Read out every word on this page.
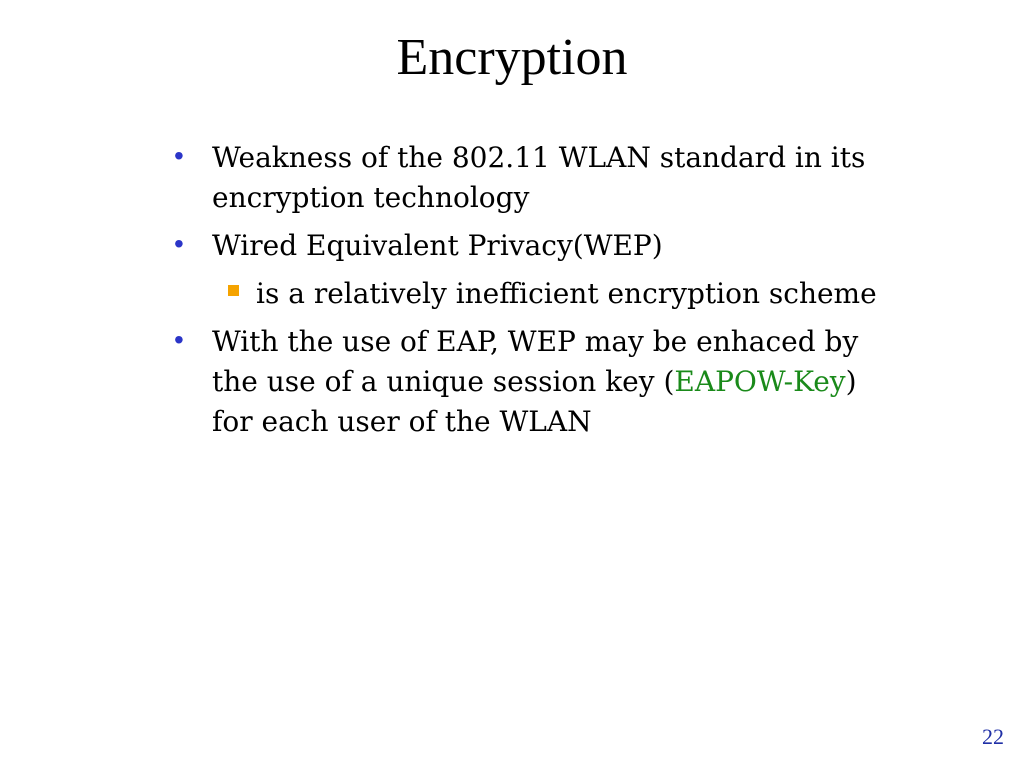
Encryption
• Weakness of the 802.11 WLAN standard in its encryption technology
• Wired Equivalent Privacy(WEP)
is a relatively inefficient encryption scheme
• With the use of EAP, WEP may be enhaced by the use of a unique session key (EAPOW-Key) for each user of the WLAN
22
